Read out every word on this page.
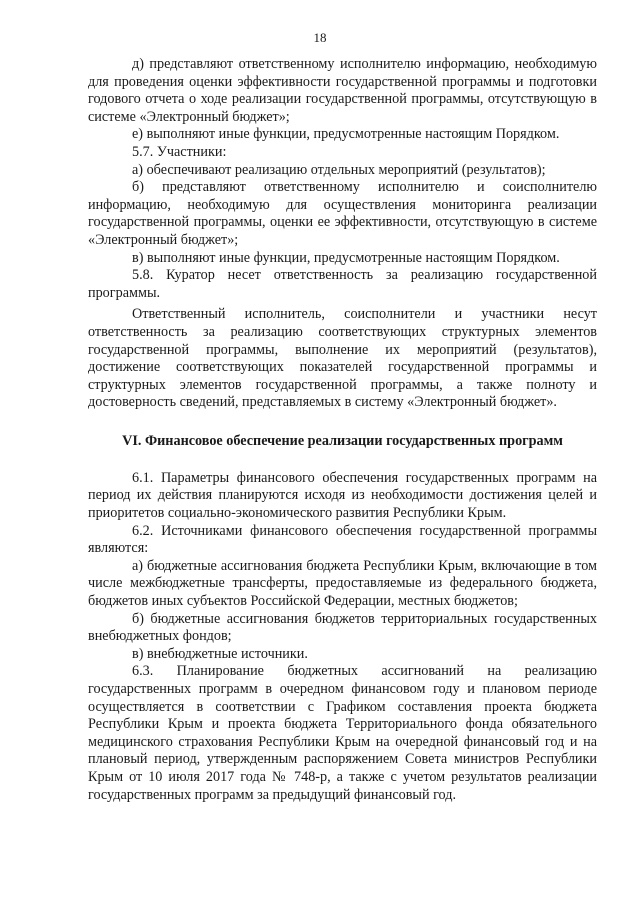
18

д) представляют ответственному исполнителю информацию, необходимую для проведения оценки эффективности государственной программы и подготовки годового отчета о ходе реализации государственной программы, отсутствующую в системе «Электронный бюджет»;

е) выполняют иные функции, предусмотренные настоящим Порядком.

5.7. Участники:

а) обеспечивают реализацию отдельных мероприятий (результатов);

б) представляют ответственному исполнителю и соисполнителю информацию, необходимую для осуществления мониторинга реализации государственной программы, оценки ее эффективности, отсутствующую в системе «Электронный бюджет»;

в) выполняют иные функции, предусмотренные настоящим Порядком.

5.8. Куратор несет ответственность за реализацию государственной программы.

Ответственный исполнитель, соисполнители и участники несут ответственность за реализацию соответствующих структурных элементов государственной программы, выполнение их мероприятий (результатов), достижение соответствующих показателей государственной программы и структурных элементов государственной программы, а также полноту и достоверность сведений, представляемых в систему «Электронный бюджет».

VI. Финансовое обеспечение реализации государственных программ

6.1. Параметры финансового обеспечения государственных программ на период их действия планируются исходя из необходимости достижения целей и приоритетов социально-экономического развития Республики Крым.

6.2. Источниками финансового обеспечения государственной программы являются:

а) бюджетные ассигнования бюджета Республики Крым, включающие в том числе межбюджетные трансферты, предоставляемые из федерального бюджета, бюджетов иных субъектов Российской Федерации, местных бюджетов;

б) бюджетные ассигнования бюджетов территориальных государственных внебюджетных фондов;

в) внебюджетные источники.

6.3. Планирование бюджетных ассигнований на реализацию государственных программ в очередном финансовом году и плановом периоде осуществляется в соответствии с Графиком составления проекта бюджета Республики Крым и проекта бюджета Территориального фонда обязательного медицинского страхования Республики Крым на очередной финансовый год и на плановый период, утвержденным распоряжением Совета министров Республики Крым от 10 июля 2017 года № 748-р, а также с учетом результатов реализации государственных программ за предыдущий финансовый год.
